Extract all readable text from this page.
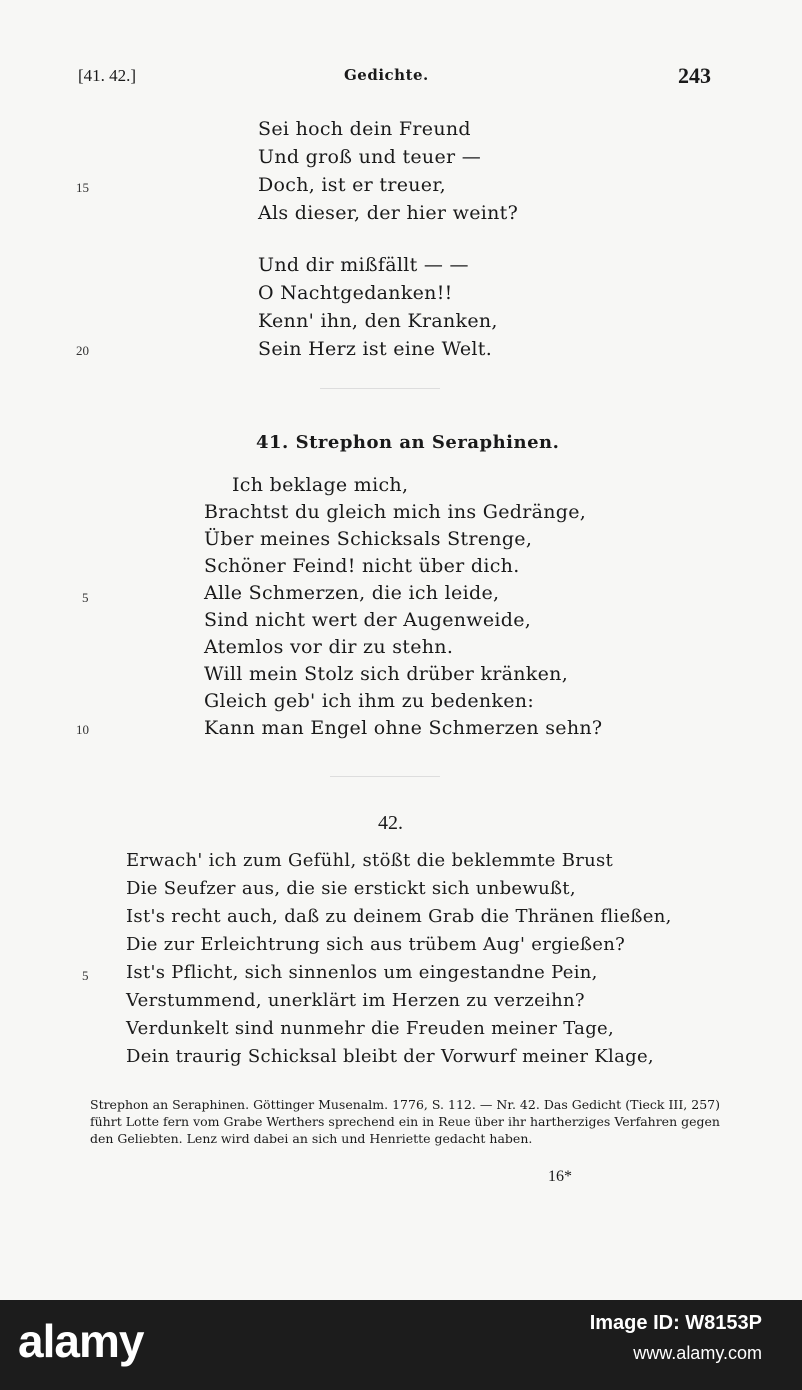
[41. 42.]	Gedichte.	243
Sei hoch dein Freund
Und groß und teuer —
Doch, ist er treuer,
Als dieser, der hier weint?
15
Und dir mißfällt — —
O Nachtgedanken!!
Kenn' ihn, den Kranken,
Sein Herz ist eine Welt.
20
41. Strephon an Seraphinen.
Ich beklage mich,
Brachtst du gleich mich ins Gedränge,
Über meines Schicksals Strenge,
Schöner Feind! nicht über dich.
Alle Schmerzen, die ich leide,
Sind nicht wert der Augenweide,
Atemlos vor dir zu stehn.
Will mein Stolz sich drüber kränken,
Gleich geb' ich ihm zu bedenken:
Kann man Engel ohne Schmerzen sehn?
5
10
42.
Erwach' ich zum Gefühl, stößt die beklemmte Brust
Die Seufzer aus, die sie erstickt sich unbewußt,
Ist's recht auch, daß zu deinem Grab die Thränen fließen,
Die zur Erleichtrung sich aus trübem Aug' ergießen?
Ist's Pflicht, sich sinnenlos um eingestandne Pein,
Verstummend, unerklärt im Herzen zu verzeihn?
Verdunkelt sind nunmehr die Freuden meiner Tage,
Dein traurig Schicksal bleibt der Vorwurf meiner Klage,
5
Strephon an Seraphinen. Göttinger Musenalm. 1776, S. 112. — Nr. 42. Das Gedicht (Tieck III, 257) führt Lotte fern vom Grabe Werthers sprechend ein in Reue über ihr hartherziges Verfahren gegen den Geliebten. Lenz wird dabei an sich und Henriette gedacht haben.
16*
alamy	Image ID: W8153P
www.alamy.com
